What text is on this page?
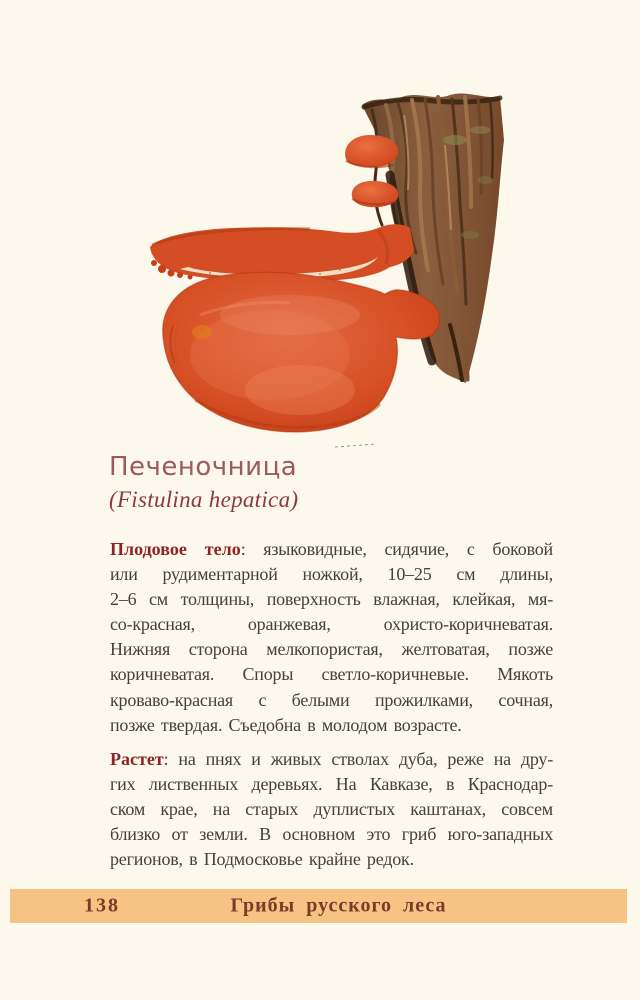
Печеночница
(Fistulina hepatica)
Плодовое тело: языковидные, сидячие, с боковой
или рудиментарной ножкой, 10–25 см длины,
2–6 см толщины, поверхность влажная, клейкая, мя-
со-красная, оранжевая, охристо-коричневатая.
Нижняя сторона мелкопористая, желтоватая, позже
коричневатая. Споры светло-коричневые. Мякоть
кроваво-красная с белыми прожилками, сочная,
позже твердая. Съедобна в молодом возрасте.
Растет: на пнях и живых стволах дуба, реже на дру-
гих лиственных деревьях. На Кавказе, в Краснодар-
ском крае, на старых дуплистых каштанах, совсем
близко от земли. В основном это гриб юго-западных
регионов, в Подмосковье крайне редок.
138	Грибы русского леса
